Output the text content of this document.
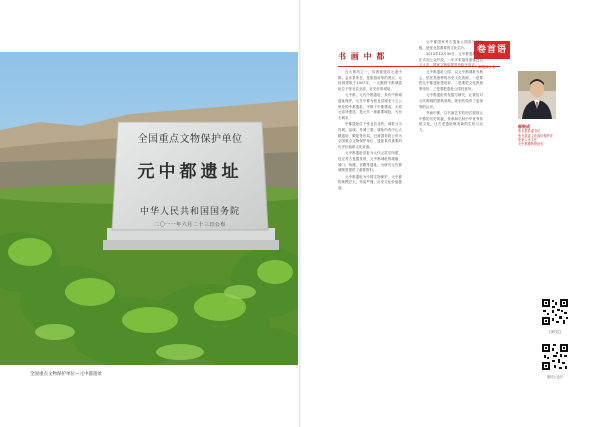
全国重点文物保护单位
元中都遗址
中华人民共和国国务院
二〇一一年六月二十三日公布
全国重点文物保护单位—元中都遗址
卷首语
书 画 中 都
郝银成 / 文

在大街坊之一，其著著遗存元道中都。金乐县所在，是旅游前等的景点，元故城建筑于1307年，一元顺将中都城遗址位于张北县北部，有完好的城址。

元中都，元代中都遗址，其有中都城遗址保护，元代中都为张北县城北十五公里处的中都遗址，中都于中都建成，大将元帝所建造，是元代一座重要城址，为东方城市。

中都遗址位于张北县北约，城址分为宫城、皇城、外城三重，城址内有中心大殿遗址、殿址等布局，已被国务院公布为全国重点文物保护单位，遗址具有重要的历史价值和文化价值。

元中都遗址旧址为元代元武宗所建，经过考古发掘发现，元中都城址的城墙、城门、角楼、宫殿等遗址，为研究元代都城制度提供了重要资料。

元中都遗址为中国文物保护，元中都的规模宏大，布局严谨，历史文化价值极高。

元中都国家考古遗址公园成为国家级，是张北县重要的文化名片。

2013年12月30日，元中都遗址公园正式向公众开放，一年多来接待游客近百万人次，国家文物局领导也给予肯定。

元中都遗址公园，以元中都城址为核心，依托其独特的历史文化资源，一是要把元中都遗址建设好，二是要把文化资源利用好，三是要把遗址公园经营好。

元中都遗址的发掘与研究，让我们对元代都城的建筑形制、规划布局有了更深刻的认识。

书画中都，以书画艺术的形式展现元中都的历史风貌，传承和弘扬中华优秀传统文化，让古老遗址焕发新的生机与活力。

郝银成
张北县县委书记
张北县委主任政协保护评
张家口市主任
元中都博物馆馆长
扫码关注
微信公众号
